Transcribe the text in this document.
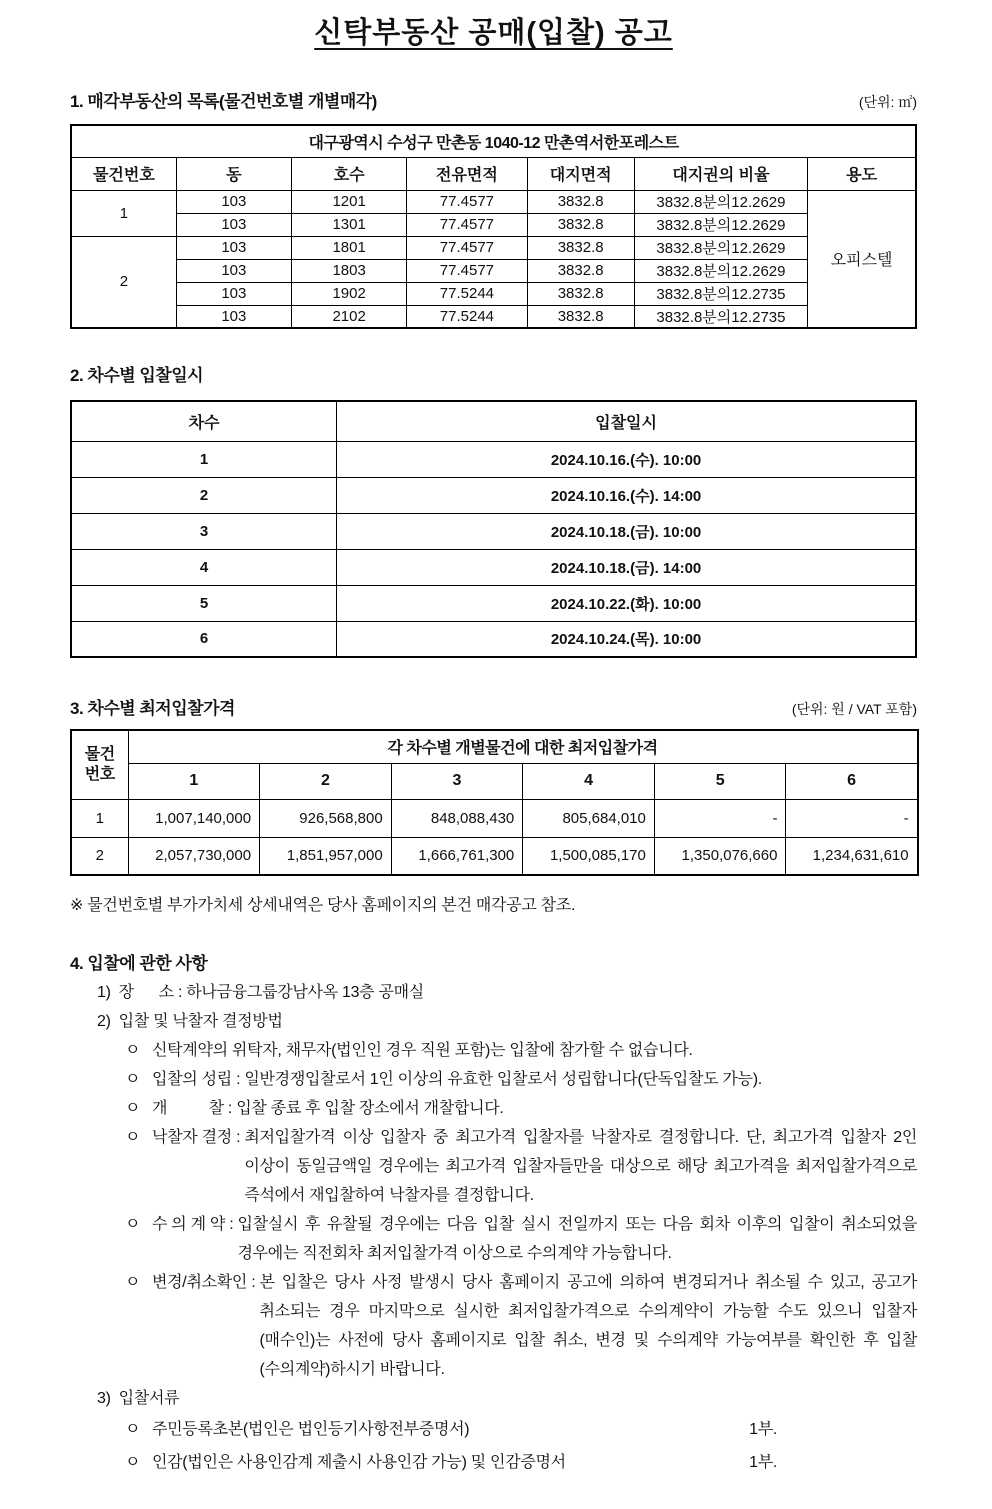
신탁부동산 공매(입찰) 공고
1. 매각부동산의 목록(물건번호별 개별매각)	(단위: ㎡)
대구광역시 수성구 만촌동 1040-12 만촌역서한포레스트						
물건번호	동	호수	전유면적	대지면적	대지권의 비율	용도
1	103	1201	77.4577	3832.8	3832.8분의12.2629	오피스텔
	103	1301	77.4577	3832.8	3832.8분의12.2629	
2	103	1801	77.4577	3832.8	3832.8분의12.2629	
	103	1803	77.4577	3832.8	3832.8분의12.2629	
	103	1902	77.5244	3832.8	3832.8분의12.2735	
	103	2102	77.5244	3832.8	3832.8분의12.2735	
2. 차수별 입찰일시
차수	입찰일시
1	2024.10.16.(수). 10:00
2	2024.10.16.(수). 14:00
3	2024.10.18.(금). 10:00
4	2024.10.18.(금). 14:00
5	2024.10.22.(화). 10:00
6	2024.10.24.(목). 10:00
3. 차수별 최저입찰가격	(단위: 원 / VAT 포함)
물건
번호	각 차수별 개별물건에 대한 최저입찰가격					
	1	2	3	4	5	6
1	1,007,140,000	926,568,800	848,088,430	805,684,010	-	-
2	2,057,730,000	1,851,957,000	1,666,761,300	1,500,085,170	1,350,076,660	1,234,631,610
※ 물건번호별 부가가치세 상세내역은 당사 홈페이지의 본건 매각공고 참조.
4. 입찰에 관한 사항
1) 장      소 : 하나금융그룹강남사옥 13층 공매실
2) 입찰 및 낙찰자 결정방법
ㅇ 신탁계약의 위탁자, 채무자(법인인 경우 직원 포함)는 입찰에 참가할 수 없습니다.
ㅇ 입찰의 성립 : 일반경쟁입찰로서 1인 이상의 유효한 입찰로서 성립합니다(단독입찰도 가능).
ㅇ 개          찰 : 입찰 종료 후 입찰 장소에서 개찰합니다.
ㅇ 낙찰자 결정 : 최저입찰가격 이상 입찰자 중 최고가격 입찰자를 낙찰자로 결정합니다. 단, 최고가격 입찰자 2인 이상이 동일금액일 경우에는 최고가격 입찰자들만을 대상으로 해당 최고가격을 최저입찰가격으로 즉석에서 재입찰하여 낙찰자를 결정합니다.
ㅇ 수 의 계 약 : 입찰실시 후 유찰될 경우에는 다음 입찰 실시 전일까지 또는 다음 회차 이후의 입찰이 취소되었을 경우에는 직전회차 최저입찰가격 이상으로 수의계약 가능합니다.
ㅇ 변경/취소확인 : 본 입찰은 당사 사정 발생시 당사 홈페이지 공고에 의하여 변경되거나 취소될 수 있고, 공고가 취소되는 경우 마지막으로 실시한 최저입찰가격으로 수의계약이 가능할 수도 있으니 입찰자(매수인)는 사전에 당사 홈페이지로 입찰 취소, 변경 및 수의계약 가능여부를 확인한 후 입찰(수의계약)하시기 바랍니다.
3) 입찰서류
ㅇ 주민등록초본(법인은 법인등기사항전부증명서)	1부.
ㅇ 인감(법인은 사용인감계 제출시 사용인감 가능) 및 인감증명서	1부.
